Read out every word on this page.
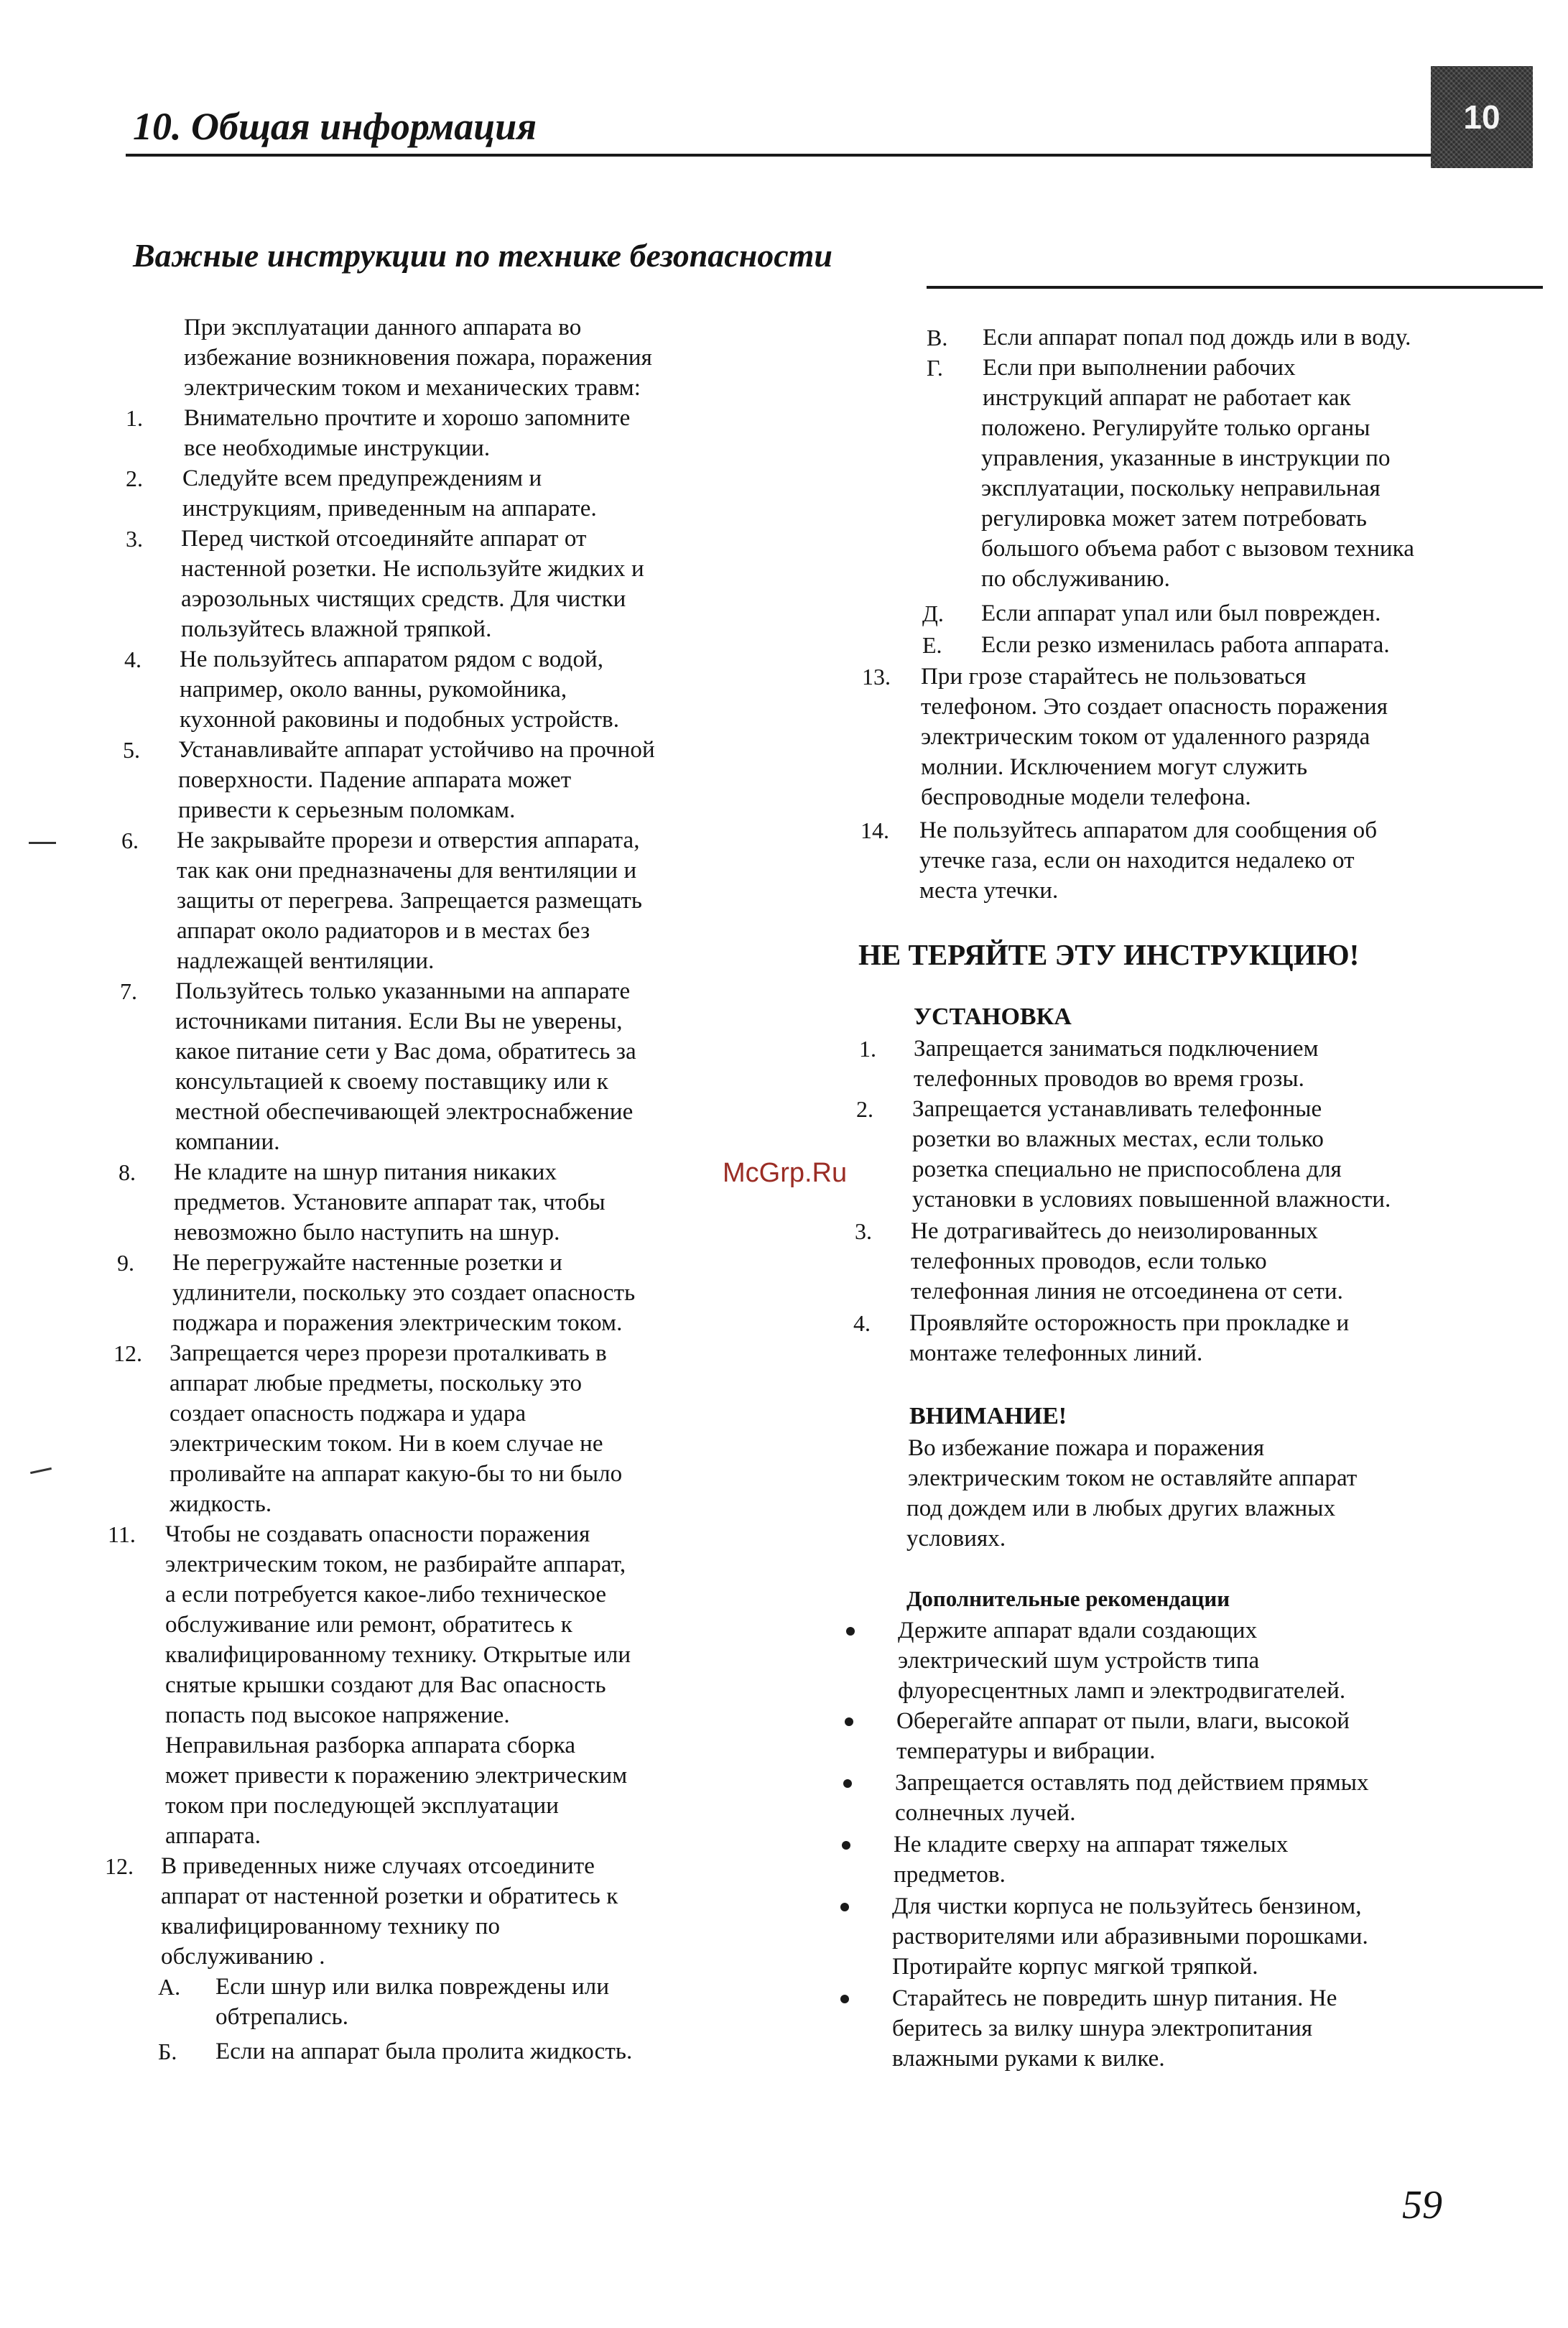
10. Общая информация	10
Важные инструкции по технике безопасности
При эксплуатации данного аппарата во
избежание возникновения пожара, поражения
электрическим током и механических травм:
1. Внимательно прочтите и хорошо запомните
все необходимые инструкции.
2. Следуйте всем предупреждениям и
инструкциям, приведенным на аппарате.
3. Перед чисткой отсоединяйте аппарат от
настенной розетки. Не используйте жидких и
аэрозольных чистящих средств. Для чистки
пользуйтесь влажной тряпкой.
4. Не пользуйтесь аппаратом рядом с водой,
например, около ванны, рукомойника,
кухонной раковины и подобных устройств.
5. Устанавливайте аппарат устойчиво на прочной
поверхности. Падение аппарата может
привести к серьезным поломкам.
6. Не закрывайте прорези и отверстия аппарата,
так как они предназначены для вентиляции и
защиты от перегрева. Запрещается размещать
аппарат около радиаторов и в местах без
надлежащей вентиляции.
7. Пользуйтесь только указанными на аппарате
источниками питания. Если Вы не уверены,
какое питание сети у Вас дома, обратитесь за
консультацией к своему поставщику или к
местной обеспечивающей электроснабжение
компании.
8. Не кладите на шнур питания никаких
предметов. Установите аппарат так, чтобы
невозможно было наступить на шнур.
9. Не перегружайте настенные розетки и
удлинители, поскольку это создает опасность
поджара и поражения электрическим током.
12. Запрещается через прорези проталкивать в
аппарат любые предметы, поскольку это
создает опасность поджара и удара
электрическим током. Ни в коем случае не
проливайте на аппарат какую-бы то ни было
жидкость.
11. Чтобы не создавать опасности поражения
электрическим током, не разбирайте аппарат,
а если потребуется какое-либо техническое
обслуживание или ремонт, обратитесь к
квалифицированному технику. Открытые или
снятые крышки создают для Вас опасность
попасть под высокое напряжение.
Неправильная разборка аппарата сборка
может привести к поражению электрическим
током при последующей эксплуатации
аппарата.
12. В приведенных ниже случаях отсоедините
аппарат от настенной розетки и обратитесь к
квалифицированному технику по
обслуживанию .
А. Если шнур или вилка повреждены или
обтрепались.
Б. Если на аппарат была пролита жидкость.
McGrp.Ru
В. Если аппарат попал под дождь или в воду.
Г. Если при выполнении рабочих
инструкций аппарат не работает как
положено. Регулируйте только органы
управления, указанные в инструкции по
эксплуатации, поскольку неправильная
регулировка может затем потребовать
большого объема работ с вызовом техника
по обслуживанию.
Д. Если аппарат упал или был поврежден.
Е. Если резко изменилась работа аппарата.
13. При грозе старайтесь не пользоваться
телефоном. Это создает опасность поражения
электрическим током от удаленного разряда
молнии. Исключением могут служить
беспроводные модели телефона.
14. Не пользуйтесь аппаратом для сообщения об
утечке газа, если он находится недалеко от
места утечки.
НЕ ТЕРЯЙТЕ ЭТУ ИНСТРУКЦИЮ!
УСТАНОВКА
1. Запрещается заниматься подключением
телефонных проводов во время грозы.
2. Запрещается устанавливать телефонные
розетки во влажных местах, если только
розетка специально не приспособлена для
установки в условиях повышенной влажности.
3. Не дотрагивайтесь до неизолированных
телефонных проводов, если только
телефонная линия не отсоединена от сети.
4. Проявляйте осторожность при прокладке и
монтаже телефонных линий.
ВНИМАНИЕ!
Во избежание пожара и поражения
электрическим током не оставляйте аппарат
под дождем или в любых других влажных
условиях.
Дополнительные рекомендации
Держите аппарат вдали создающих
электрический шум устройств типа
флуоресцентных ламп и электродвигателей.
Оберегайте аппарат от пыли, влаги, высокой
температуры и вибрации.
Запрещается оставлять под действием прямых
солнечных лучей.
Не кладите сверху на аппарат тяжелых
предметов.
Для чистки корпуса не пользуйтесь бензином,
растворителями или абразивными порошками.
Протирайте корпус мягкой тряпкой.
Старайтесь не повредить шнур питания. Не
беритесь за вилку шнура электропитания
влажными руками к вилке.
59
